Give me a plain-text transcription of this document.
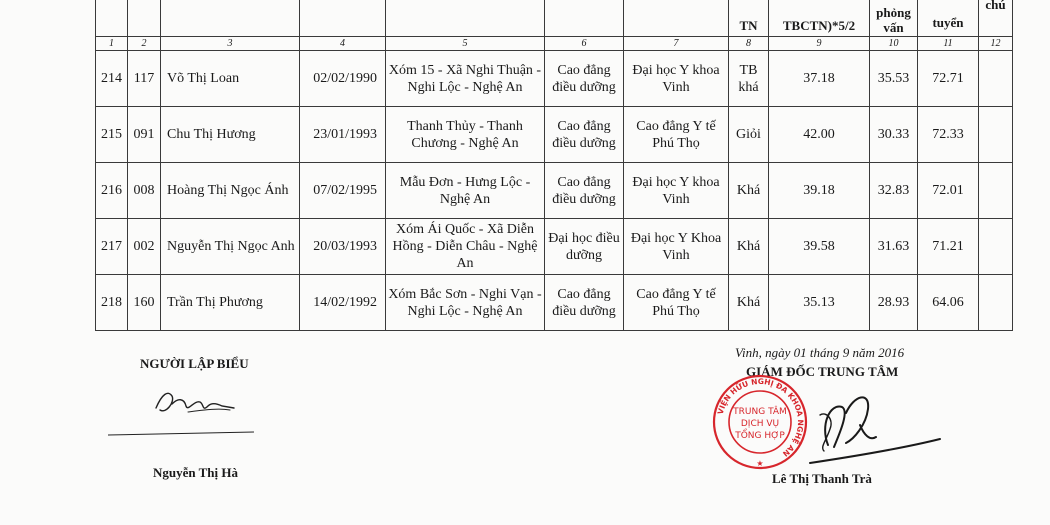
							TN	TBCTN)*5/2	phỏng vấn	tuyển	chú
1	2	3	4	5	6	7	8	9	10	11	12
214	117	Võ Thị Loan	02/02/1990	Xóm 15 - Xã Nghi Thuận - Nghi Lộc - Nghệ An	Cao đẳng điều dưỡng	Đại học Y khoa Vinh	TB khá	37.18	35.53	72.71	
215	091	Chu Thị Hương	23/01/1993	Thanh Thủy - Thanh Chương - Nghệ An	Cao đẳng điều dưỡng	Cao đẳng Y tế Phú Thọ	Giỏi	42.00	30.33	72.33	
216	008	Hoàng Thị Ngọc Ánh	07/02/1995	Mẫu Đơn - Hưng Lộc - Nghệ An	Cao đẳng điều dưỡng	Đại học Y khoa Vinh	Khá	39.18	32.83	72.01	
217	002	Nguyễn Thị Ngọc Anh	20/03/1993	Xóm Ái Quốc - Xã Diễn Hồng - Diễn Châu - Nghệ An	Đại học điều dưỡng	Đại học Y Khoa Vinh	Khá	39.58	31.63	71.21	
218	160	Trần Thị Phương	14/02/1992	Xóm Bắc Sơn - Nghi Vạn - Nghi Lộc - Nghệ An	Cao đẳng điều dưỡng	Cao đẳng Y tế Phú Thọ	Khá	35.13	28.93	64.06	
NGƯỜI LẬP BIỂU
Nguyễn Thị Hà
Vinh, ngày 01 tháng 9 năm 2016
GIÁM ĐỐC TRUNG TÂM
VIỆN HỮU NGHỊ ĐA KHOA NGHỆ AN
TRUNG TÂM
DỊCH VỤ
TỔNG HỢP
★
Lê Thị Thanh Trà
